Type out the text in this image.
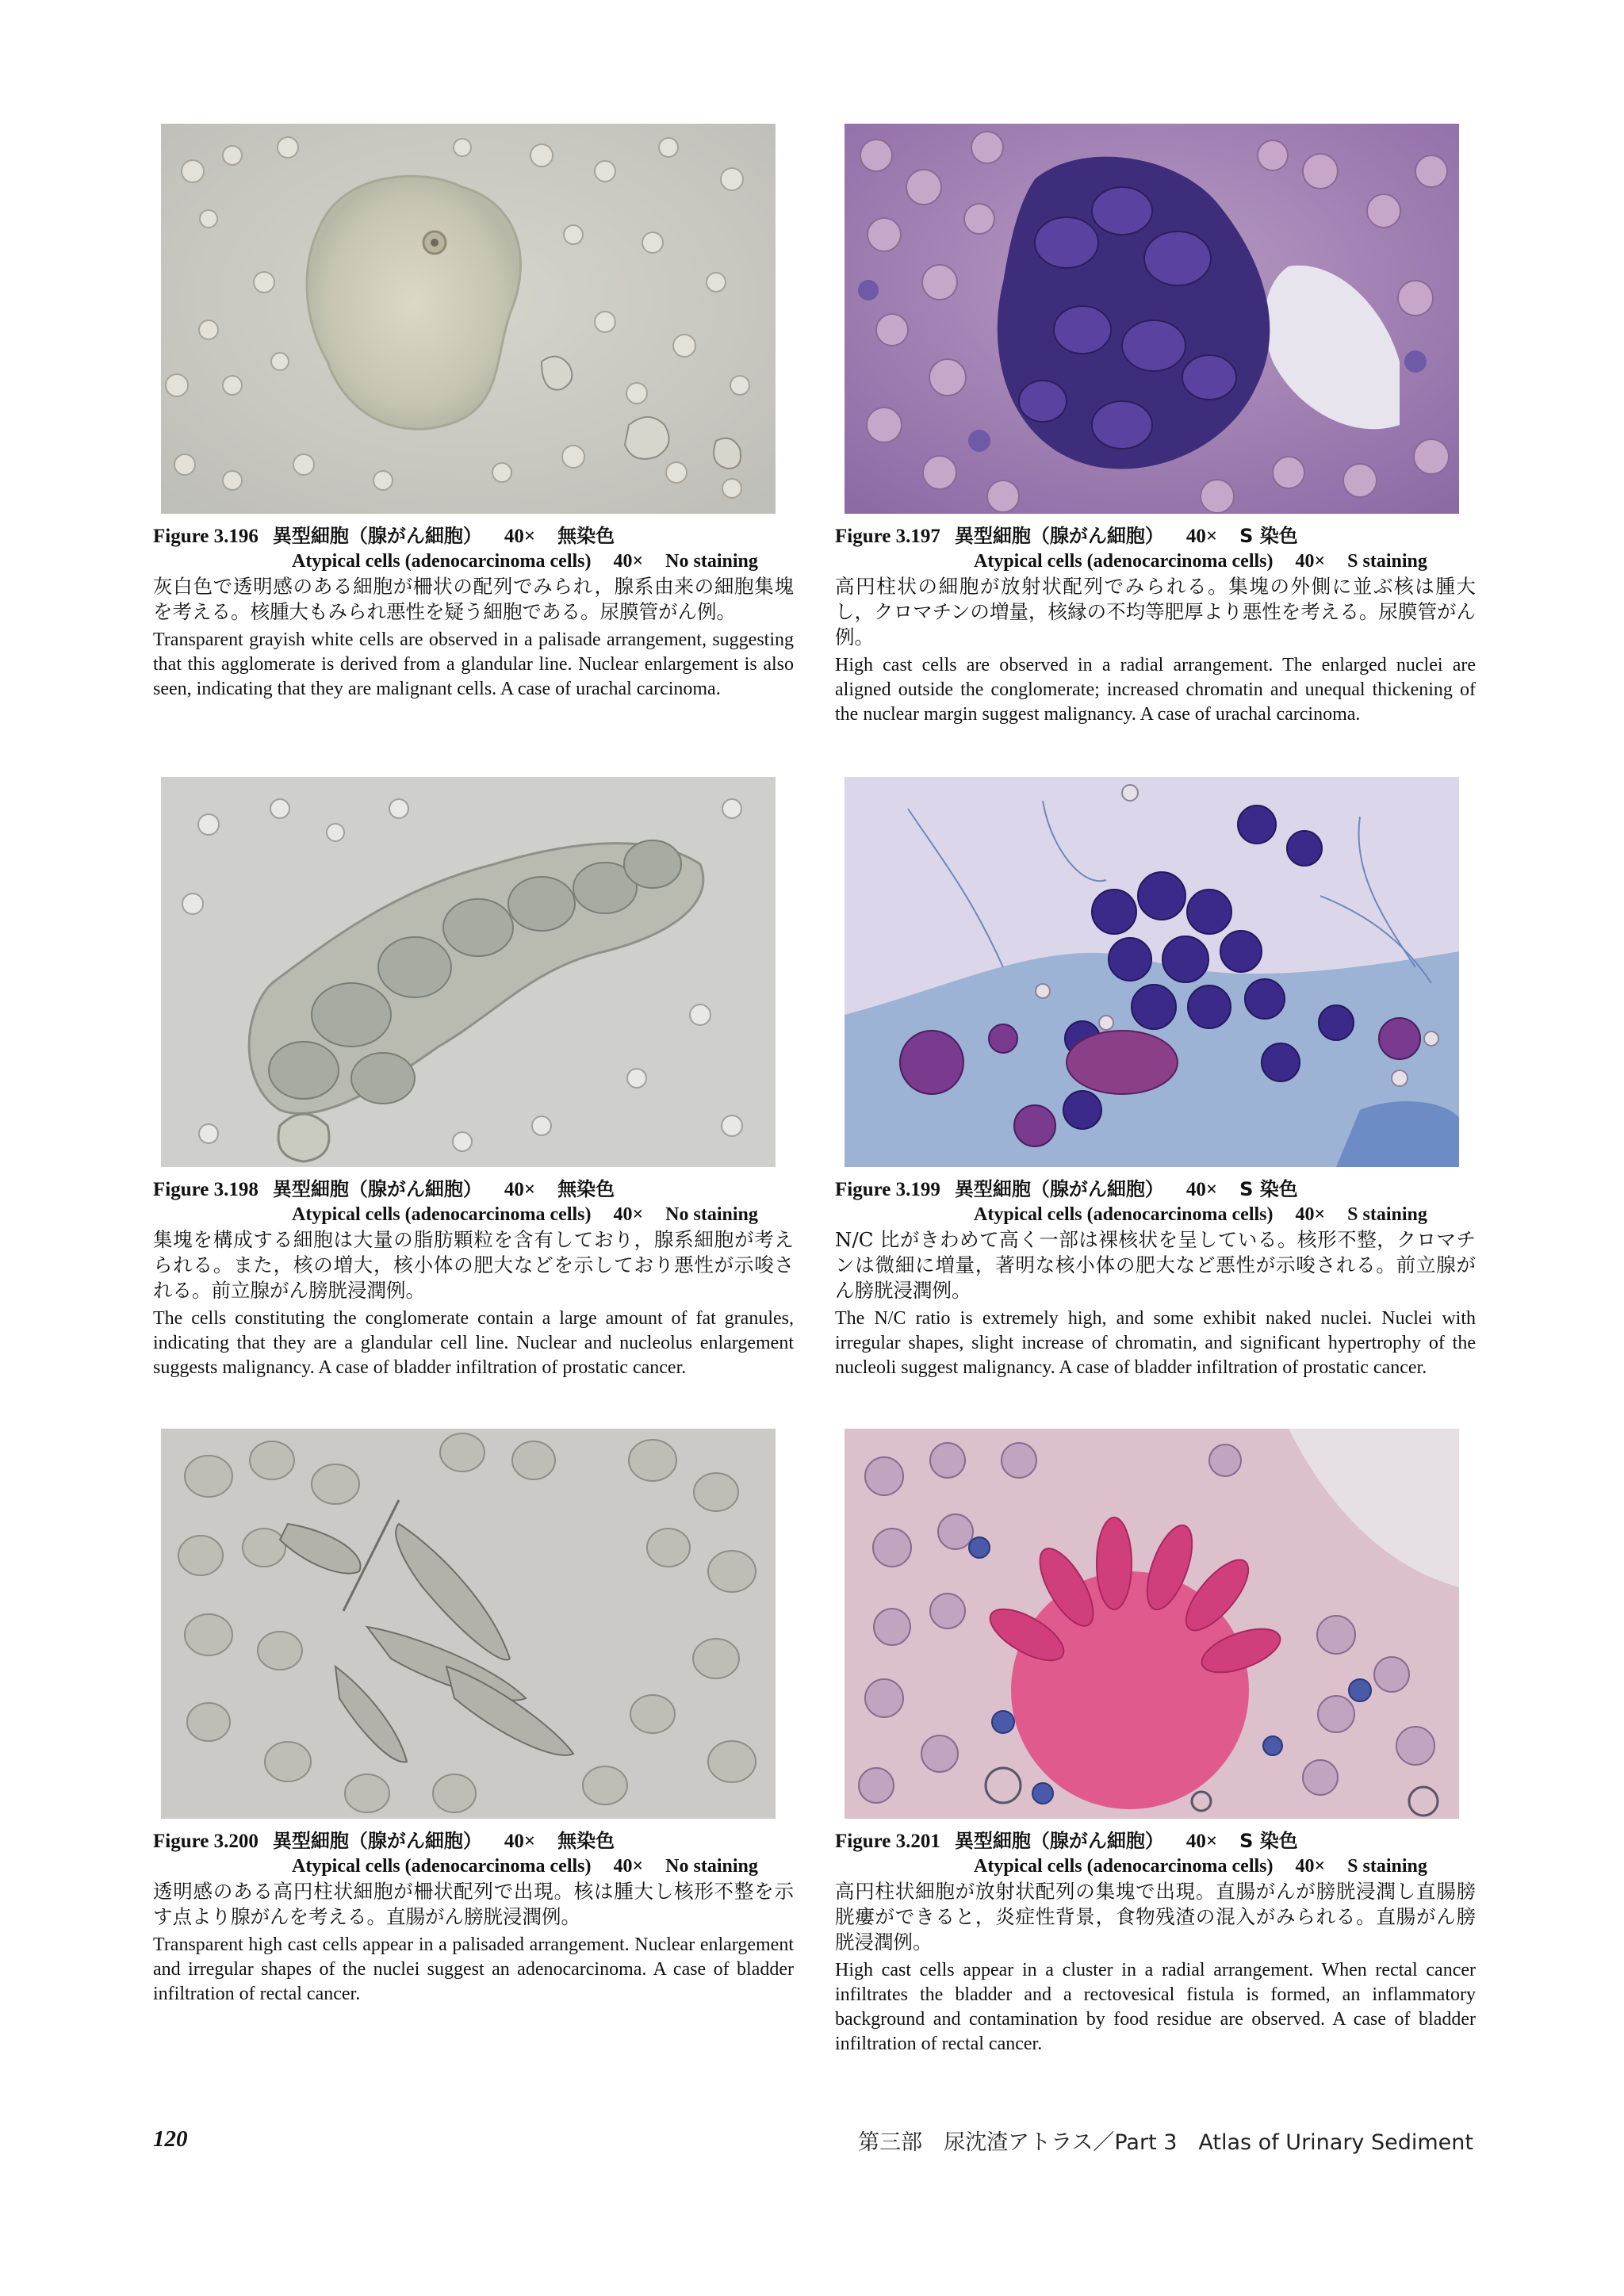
Figure 3.196 異型細胞（腺がん細胞） 40× 無染色
Atypical cells (adenocarcinoma cells) 40× No staining
灰白色で透明感のある細胞が柵状の配列でみられ，腺系由来の細胞集塊を考える。核腫大もみられ悪性を疑う細胞である。尿膜管がん例。
Transparent grayish white cells are observed in a palisade arrangement, suggesting that this agglomerate is derived from a glandular line. Nuclear enlargement is also seen, indicating that they are malignant cells. A case of urachal carcinoma.
Figure 3.197 異型細胞（腺がん細胞） 40× S 染色
Atypical cells (adenocarcinoma cells) 40× S staining
高円柱状の細胞が放射状配列でみられる。集塊の外側に並ぶ核は腫大し，クロマチンの増量，核縁の不均等肥厚より悪性を考える。尿膜管がん例。
High cast cells are observed in a radial arrangement. The enlarged nuclei are aligned outside the conglomerate; increased chromatin and unequal thickening of the nuclear margin suggest malignancy. A case of urachal carcinoma.
Figure 3.198 異型細胞（腺がん細胞） 40× 無染色
Atypical cells (adenocarcinoma cells) 40× No staining
集塊を構成する細胞は大量の脂肪顆粒を含有しており，腺系細胞が考えられる。また，核の増大，核小体の肥大などを示しており悪性が示唆される。前立腺がん膀胱浸潤例。
The cells constituting the conglomerate contain a large amount of fat granules, indicating that they are a glandular cell line. Nuclear and nucleolus enlargement suggests malignancy. A case of bladder infiltration of prostatic cancer.
Figure 3.199 異型細胞（腺がん細胞） 40× S 染色
Atypical cells (adenocarcinoma cells) 40× S staining
N/C 比がきわめて高く一部は裸核状を呈している。核形不整，クロマチンは微細に増量，著明な核小体の肥大など悪性が示唆される。前立腺がん膀胱浸潤例。
The N/C ratio is extremely high, and some exhibit naked nuclei. Nuclei with irregular shapes, slight increase of chromatin, and significant hypertrophy of the nucleoli suggest malignancy. A case of bladder infiltration of prostatic cancer.
Figure 3.200 異型細胞（腺がん細胞） 40× 無染色
Atypical cells (adenocarcinoma cells) 40× No staining
透明感のある高円柱状細胞が柵状配列で出現。核は腫大し核形不整を示す点より腺がんを考える。直腸がん膀胱浸潤例。
Transparent high cast cells appear in a palisaded arrangement. Nuclear enlargement and irregular shapes of the nuclei suggest an adenocarcinoma. A case of bladder infiltration of rectal cancer.
Figure 3.201 異型細胞（腺がん細胞） 40× S 染色
Atypical cells (adenocarcinoma cells) 40× S staining
高円柱状細胞が放射状配列の集塊で出現。直腸がんが膀胱浸潤し直腸膀胱瘻ができると，炎症性背景，食物残渣の混入がみられる。直腸がん膀胱浸潤例。
High cast cells appear in a cluster in a radial arrangement. When rectal cancer infiltrates the bladder and a rectovesical fistula is formed, an inflammatory background and contamination by food residue are observed. A case of bladder infiltration of rectal cancer.
120	第三部　尿沈渣アトラス／Part 3　Atlas of Urinary Sediment
